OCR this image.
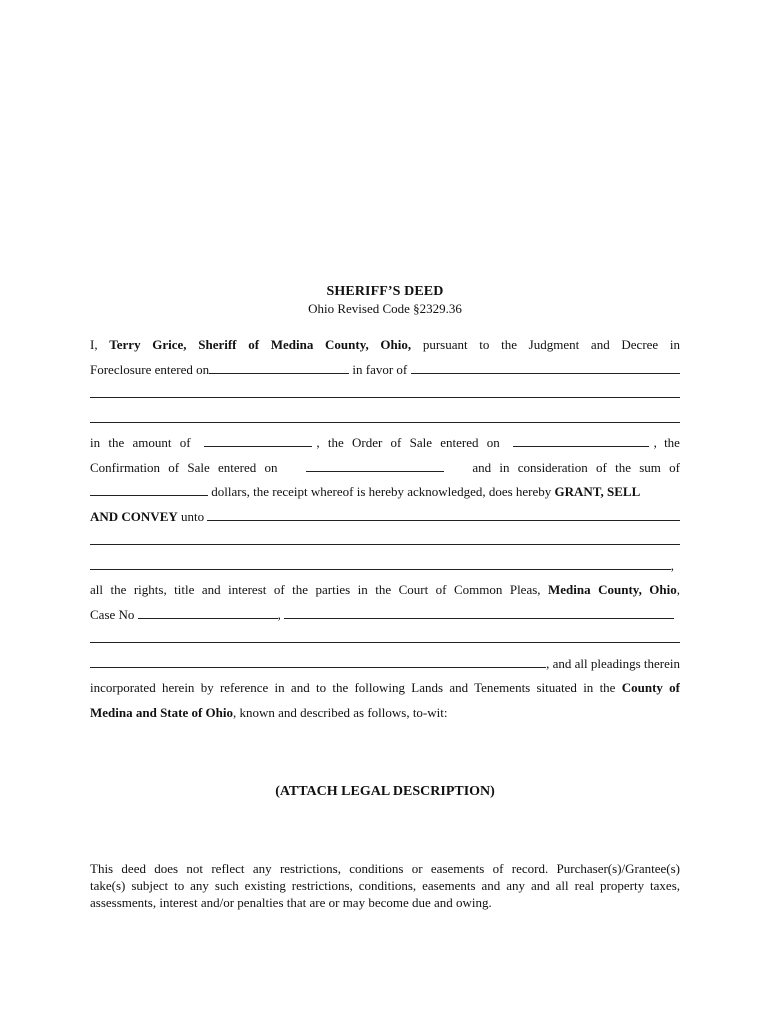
SHERIFF’S DEED
Ohio Revised Code §2329.36
I, Terry Grice, Sheriff of Medina County, Ohio, pursuant to the Judgment and Decree in
Foreclosure entered on	in favor of
in the amount of	, the Order of Sale entered on	, the
Confirmation of Sale entered on	and in consideration of the sum of
dollars, the receipt whereof is hereby acknowledged, does hereby GRANT, SELL
AND CONVEY unto
,
all the rights, title and interest of the parties in the Court of Common Pleas, Medina County, Ohio,
Case No	,
, and all pleadings therein
incorporated herein by reference in and to the following Lands and Tenements situated in the County of
Medina and State of Ohio, known and described as follows, to-wit:
(ATTACH LEGAL DESCRIPTION)
This deed does not reflect any restrictions, conditions or easements of record. Purchaser(s)/Grantee(s)
take(s) subject to any such existing restrictions, conditions, easements and any and all real property taxes,
assessments, interest and/or penalties that are or may become due and owing.
